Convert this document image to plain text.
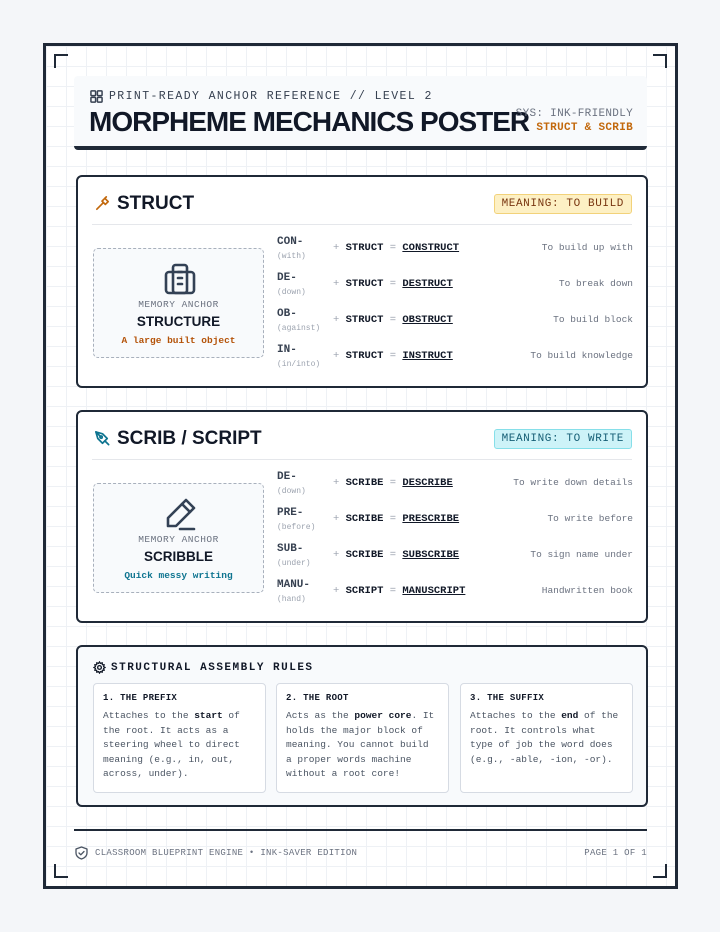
PRINT-READY ANCHOR REFERENCE // LEVEL 2
MORPHEME MECHANICS POSTER
SYS: INK-FRIENDLY
STRUCT & SCRIB
STRUCT	MEANING: TO BUILD
MEMORY ANCHOR
STRUCTURE
A large built object
CON-
(with)
+ STRUCT = CONSTRUCT	To build up with
DE-
(down)
+ STRUCT = DESTRUCT	To break down
OB-
(against)
+ STRUCT = OBSTRUCT	To build block
IN-
(in/into)
+ STRUCT = INSTRUCT	To build knowledge
SCRIB / SCRIPT	MEANING: TO WRITE
MEMORY ANCHOR
SCRIBBLE
Quick messy writing
DE-
(down)
+ SCRIBE = DESCRIBE	To write down details
PRE-
(before)
+ SCRIBE = PRESCRIBE	To write before
SUB-
(under)
+ SCRIBE = SUBSCRIBE	To sign name under
MANU-
(hand)
+ SCRIPT = MANUSCRIPT	Handwritten book
STRUCTURAL ASSEMBLY RULES
1. THE PREFIX
Attaches to the start of the root. It acts as a steering wheel to direct meaning (e.g., in, out, across, under).
2. THE ROOT
Acts as the power core. It holds the major block of meaning. You cannot build a proper words machine without a root core!
3. THE SUFFIX
Attaches to the end of the root. It controls what type of job the word does (e.g., -able, -ion, -or).
CLASSROOM BLUEPRINT ENGINE • INK-SAVER EDITION	PAGE 1 OF 1
